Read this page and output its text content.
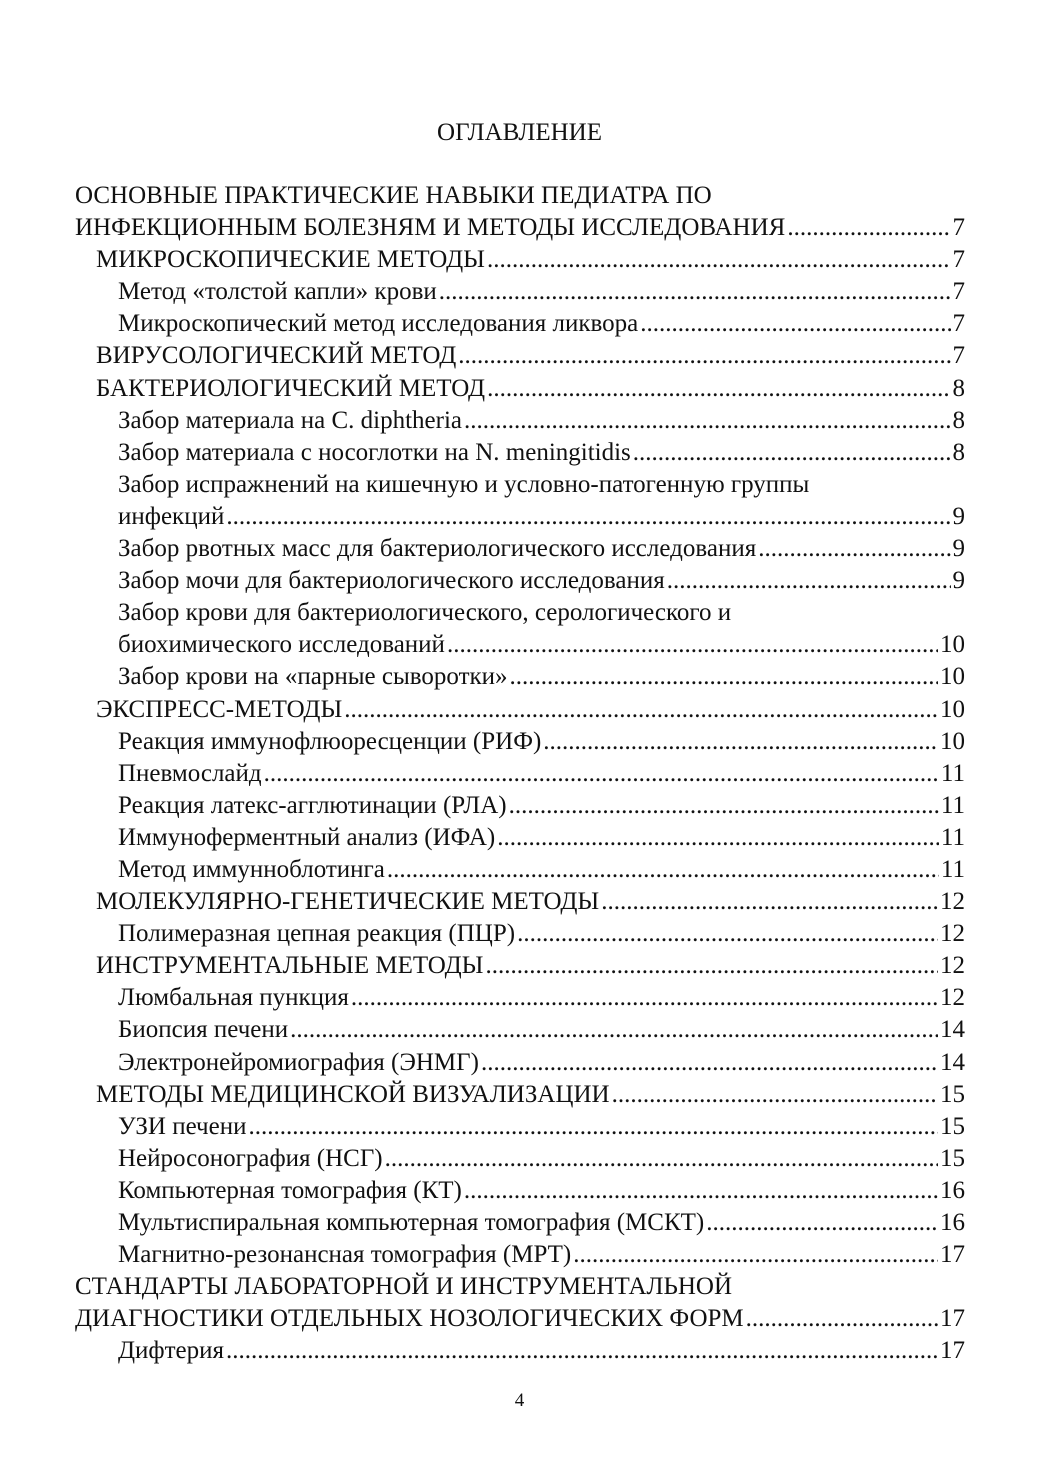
ОГЛАВЛЕНИЕ
ОСНОВНЫЕ ПРАКТИЧЕСКИЕ НАВЫКИ ПЕДИАТРА ПО
ИНФЕКЦИОННЫМ БОЛЕЗНЯМ И МЕТОДЫ ИССЛЕДОВАНИЯ .....	7
МИКРОСКОПИЧЕСКИЕ МЕТОДЫ .....	7
Метод «толстой капли» крови .....	7
Микроскопический метод исследования ликвора .....	7
ВИРУСОЛОГИЧЕСКИЙ МЕТОД .....	7
БАКТЕРИОЛОГИЧЕСКИЙ МЕТОД .....	8
Забор материала на C. diphtheria .....	8
Забор материала с носоглотки на N. meningitidis .....	8
Забор испражнений на кишечную и условно-патогенную группы
инфекций .....	9
Забор рвотных масс для бактериологического исследования .....	9
Забор мочи для бактериологического исследования .....	9
Забор крови для бактериологического, серологического и
биохимического исследований .....	10
Забор крови на «парные сыворотки» .....	10
ЭКСПРЕСС-МЕТОДЫ .....	10
Реакция иммунофлюоресценции (РИФ) .....	10
Пневмослайд .....	11
Реакция латекс-агглютинации (РЛА) .....	11
Иммуноферментный анализ (ИФА) .....	11
Метод иммунноблотинга .....	11
МОЛЕКУЛЯРНО-ГЕНЕТИЧЕСКИЕ МЕТОДЫ .....	12
Полимеразная цепная реакция (ПЦР) .....	12
ИНСТРУМЕНТАЛЬНЫЕ МЕТОДЫ .....	12
Люмбальная пункция .....	12
Биопсия печени .....	14
Электронейромиография (ЭНМГ) .....	14
МЕТОДЫ МЕДИЦИНСКОЙ ВИЗУАЛИЗАЦИИ .....	15
УЗИ печени .....	15
Нейросонография (НСГ) .....	15
Компьютерная томография (КТ) .....	16
Мультиспиральная компьютерная томография (МСКТ) .....	16
Магнитно-резонансная томография (МРТ) .....	17
СТАНДАРТЫ ЛАБОРАТОРНОЙ И ИНСТРУМЕНТАЛЬНОЙ
ДИАГНОСТИКИ ОТДЕЛЬНЫХ НОЗОЛОГИЧЕСКИХ ФОРМ .....	17
Дифтерия .....	17
4
